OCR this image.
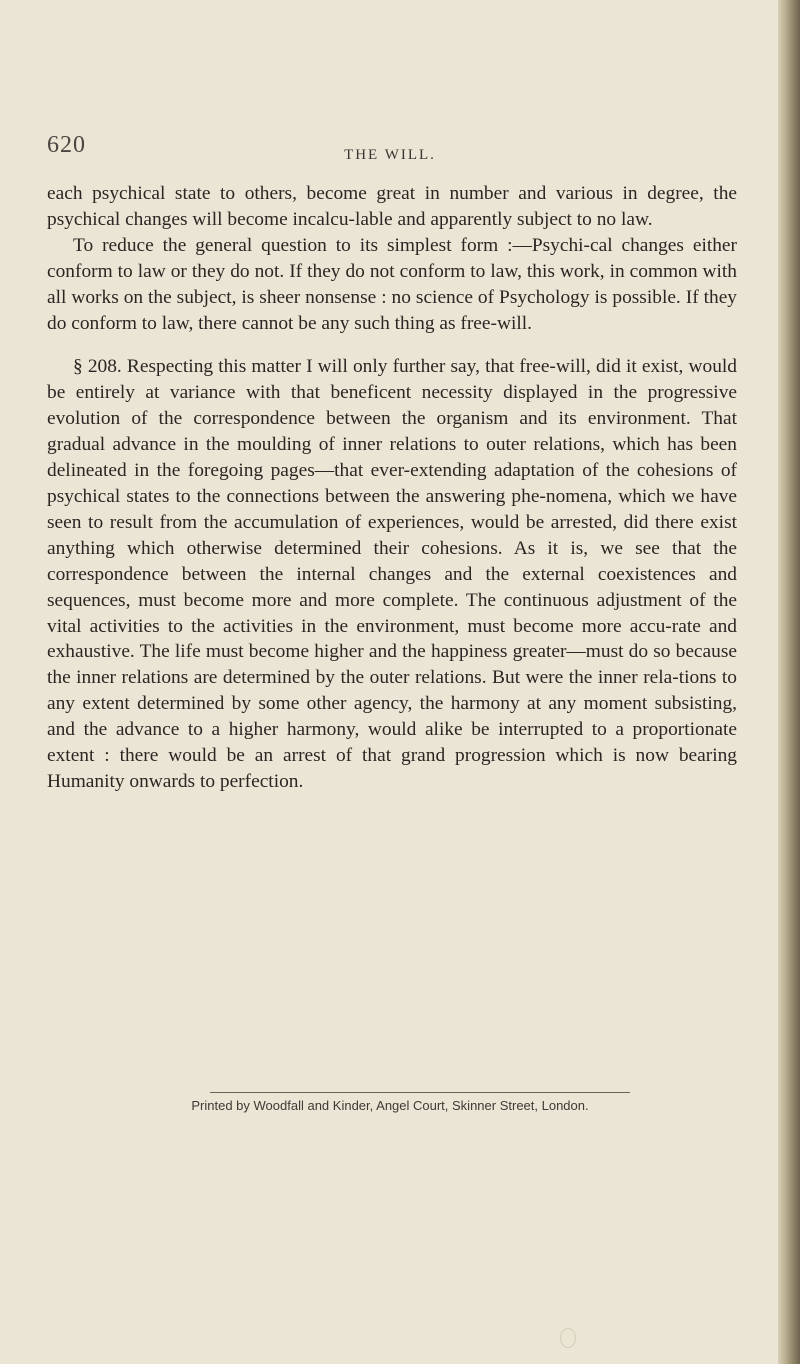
620	THE WILL.

each psychical state to others, become great in number and various in degree, the psychical changes will become incalcu-lable and apparently subject to no law.

To reduce the general question to its simplest form :—Psychi-cal changes either conform to law or they do not. If they do not conform to law, this work, in common with all works on the subject, is sheer nonsense : no science of Psychology is possible. If they do conform to law, there cannot be any such thing as free-will.

§ 208. Respecting this matter I will only further say, that free-will, did it exist, would be entirely at variance with that beneficent necessity displayed in the progressive evolution of the correspondence between the organism and its environment. That gradual advance in the moulding of inner relations to outer relations, which has been delineated in the foregoing pages—that ever-extending adaptation of the cohesions of psychical states to the connections between the answering phe-nomena, which we have seen to result from the accumulation of experiences, would be arrested, did there exist anything which otherwise determined their cohesions. As it is, we see that the correspondence between the internal changes and the external coexistences and sequences, must become more and more complete. The continuous adjustment of the vital activities to the activities in the environment, must become more accu-rate and exhaustive. The life must become higher and the happiness greater—must do so because the inner relations are determined by the outer relations. But were the inner rela-tions to any extent determined by some other agency, the harmony at any moment subsisting, and the advance to a higher harmony, would alike be interrupted to a proportionate extent : there would be an arrest of that grand progression which is now bearing Humanity onwards to perfection.

Printed by Woodfall and Kinder, Angel Court, Skinner Street, London.
